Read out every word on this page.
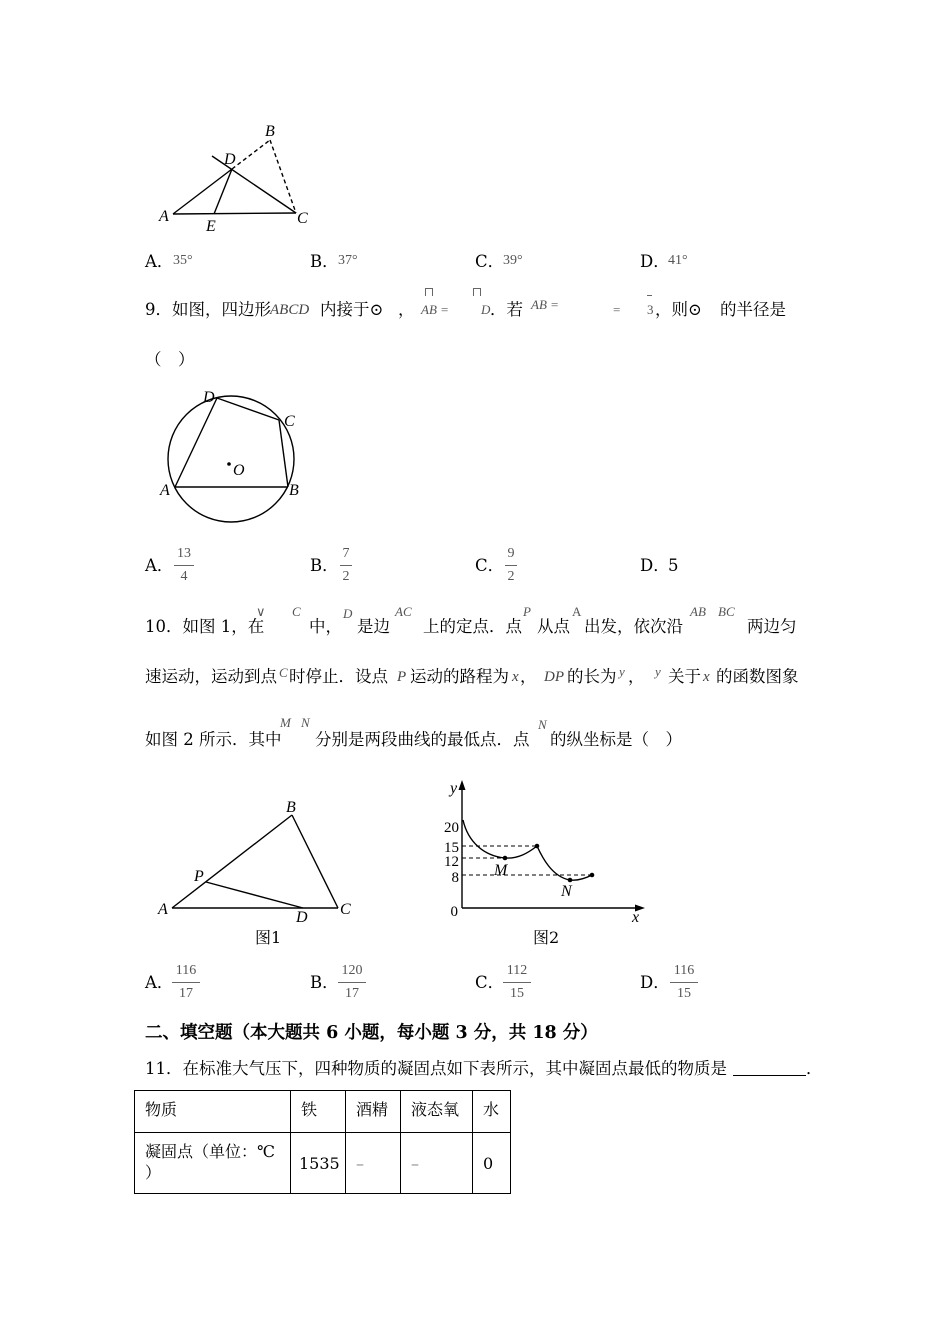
B
D
A
E	C
D
C
O
A	B
B
P
A	D C
图1
y
x
20
15
12
8
0
M
N
图2
A． 35°	B． 37°	C．
39°	D．
41°
9．如图，四边形 ABCD 内接于⊙ ， AB = D ．若 AB =	= 3 ，则⊙ 的半径是
（　）
A． $\frac{13}{4}$	B． $\frac{7}{2}$	C． $\frac{9}{2}$	D．
5
10．如图 1，在
∨ C
中，
D
是边
AC
上的定点．点
P
从点
A
出发，依次沿
AB BC
两边匀
速运动，运动到点 C 时停止．设点 P 运动的路程为 x ， DP 的长为 y ， y 关于 x 的函数图象
如图 2 所示．其中
M N
分别是两段曲线的最低点．点
N
的纵坐标是（　）
A．
$\frac{116}{17}$	B． $\frac{120}{17}$	C．
$\frac{112}{15}$	D． $\frac{116}{15}$
二、填空题（本大题共 6 小题，每小题 3 分，共 18 分）
11．在标准大气压下，四种物质的凝固点如下表所示，其中凝固点最低的物质是	．
物质	铁	酒精	液态氧	水

凝固点（单位：℃
）	1535	–	–	0
